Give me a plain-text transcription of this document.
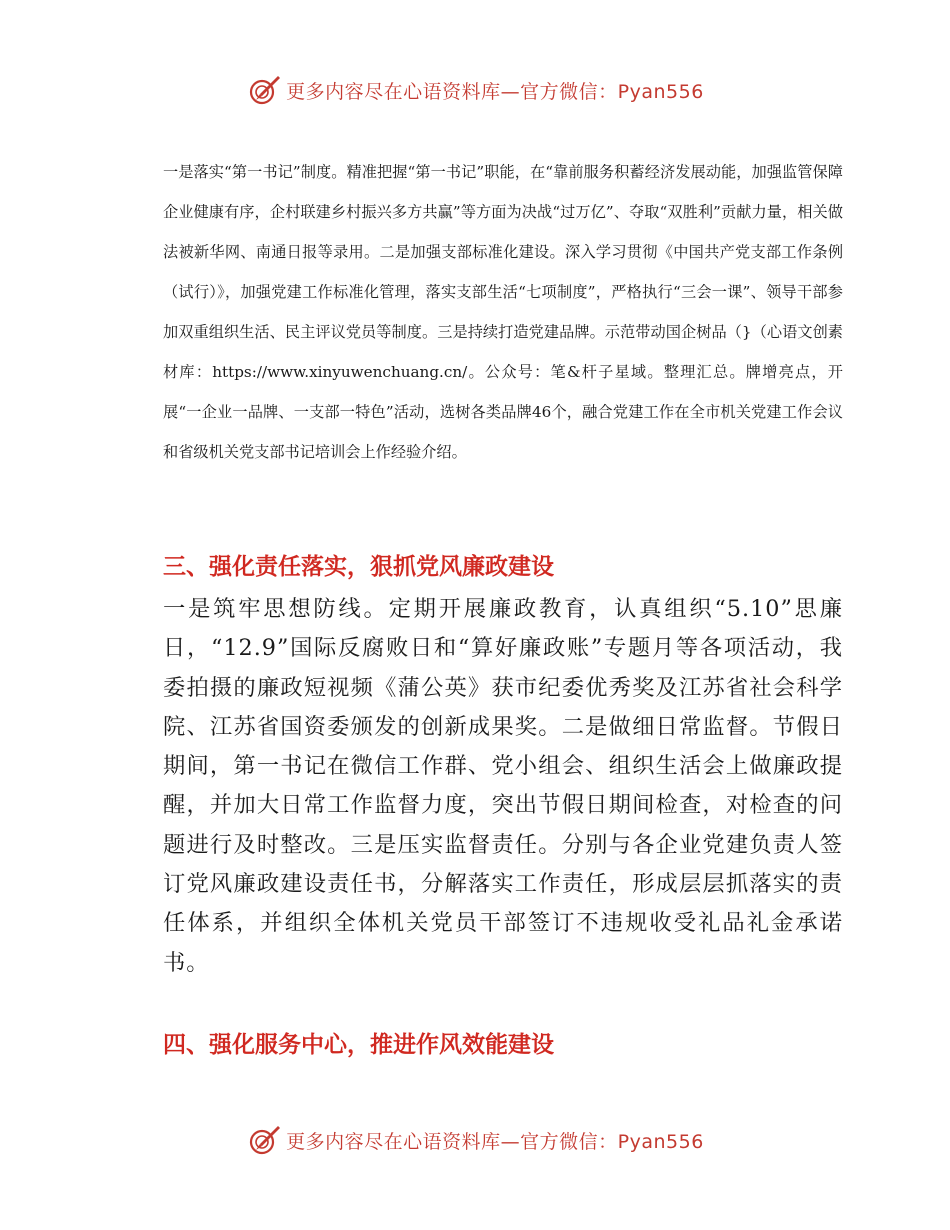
更多内容尽在心语资料库—官方微信：Pyan556
一是落实“第一书记”制度。精准把握“第一书记”职能，在“靠前服务积蓄经济发展动能，加强监管保障企业健康有序，企村联建乡村振兴多方共赢”等方面为决战“过万亿”、夺取“双胜利”贡献力量，相关做法被新华网、南通日报等录用。二是加强支部标准化建设。深入学习贯彻《中国共产党支部工作条例（试行）》，加强党建工作标准化管理，落实支部生活“七项制度”，严格执行“三会一课”、领导干部参加双重组织生活、民主评议党员等制度。三是持续打造党建品牌。示范带动国企树品（}（心语文创素材库：https://www.xinyuwenchuang.cn/。公众号：笔&杆子星域。整理汇总。牌增亮点，开展“一企业一品牌、一支部一特色”活动，选树各类品牌46个，融合党建工作在全市机关党建工作会议和省级机关党支部书记培训会上作经验介绍。
三、强化责任落实，狠抓党风廉政建设
一是筑牢思想防线。定期开展廉政教育，认真组织“5.10”思廉日，“12.9”国际反腐败日和“算好廉政账”专题月等各项活动，我委拍摄的廉政短视频《蒲公英》获市纪委优秀奖及江苏省社会科学院、江苏省国资委颁发的创新成果奖。二是做细日常监督。节假日期间，第一书记在微信工作群、党小组会、组织生活会上做廉政提醒，并加大日常工作监督力度，突出节假日期间检查，对检查的问题进行及时整改。三是压实监督责任。分别与各企业党建负责人签订党风廉政建设责任书，分解落实工作责任，形成层层抓落实的责任体系，并组织全体机关党员干部签订不违规收受礼品礼金承诺书。
四、强化服务中心，推进作风效能建设
更多内容尽在心语资料库—官方微信：Pyan556
